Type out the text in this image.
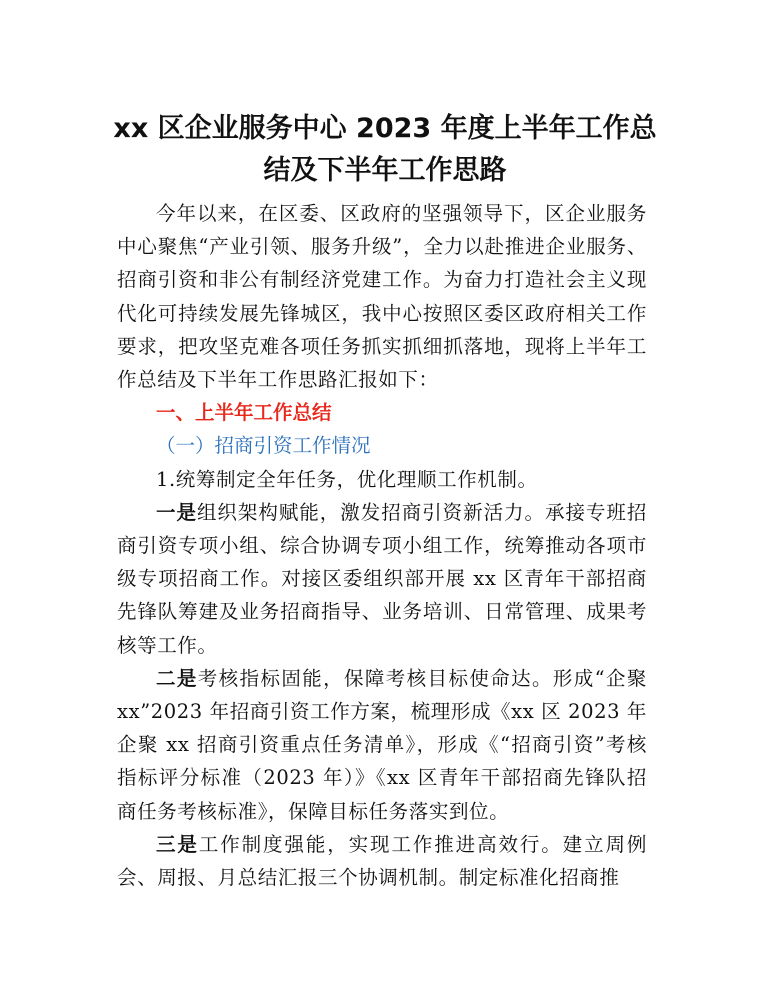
xx 区企业服务中心 2023 年度上半年工作总
结及下半年工作思路

今年以来，在区委、区政府的坚强领导下，区企业服务中心聚焦“产业引领、服务升级”，全力以赴推进企业服务、招商引资和非公有制经济党建工作。为奋力打造社会主义现代化可持续发展先锋城区，我中心按照区委区政府相关工作要求，把攻坚克难各项任务抓实抓细抓落地，现将上半年工作总结及下半年工作思路汇报如下：

一、上半年工作总结

（一）招商引资工作情况

1.统筹制定全年任务，优化理顺工作机制。

一是组织架构赋能，激发招商引资新活力。承接专班招商引资专项小组、综合协调专项小组工作，统筹推动各项市级专项招商工作。对接区委组织部开展 xx 区青年干部招商先锋队筹建及业务招商指导、业务培训、日常管理、成果考核等工作。

二是考核指标固能，保障考核目标使命达。形成“企聚 xx”2023 年招商引资工作方案，梳理形成《xx 区 2023 年企聚 xx 招商引资重点任务清单》，形成《“招商引资”考核指标评分标准（2023 年）》《xx 区青年干部招商先锋队招商任务考核标准》，保障目标任务落实到位。

三是工作制度强能，实现工作推进高效行。建立周例会、周报、月总结汇报三个协调机制。制定标准化招商推
